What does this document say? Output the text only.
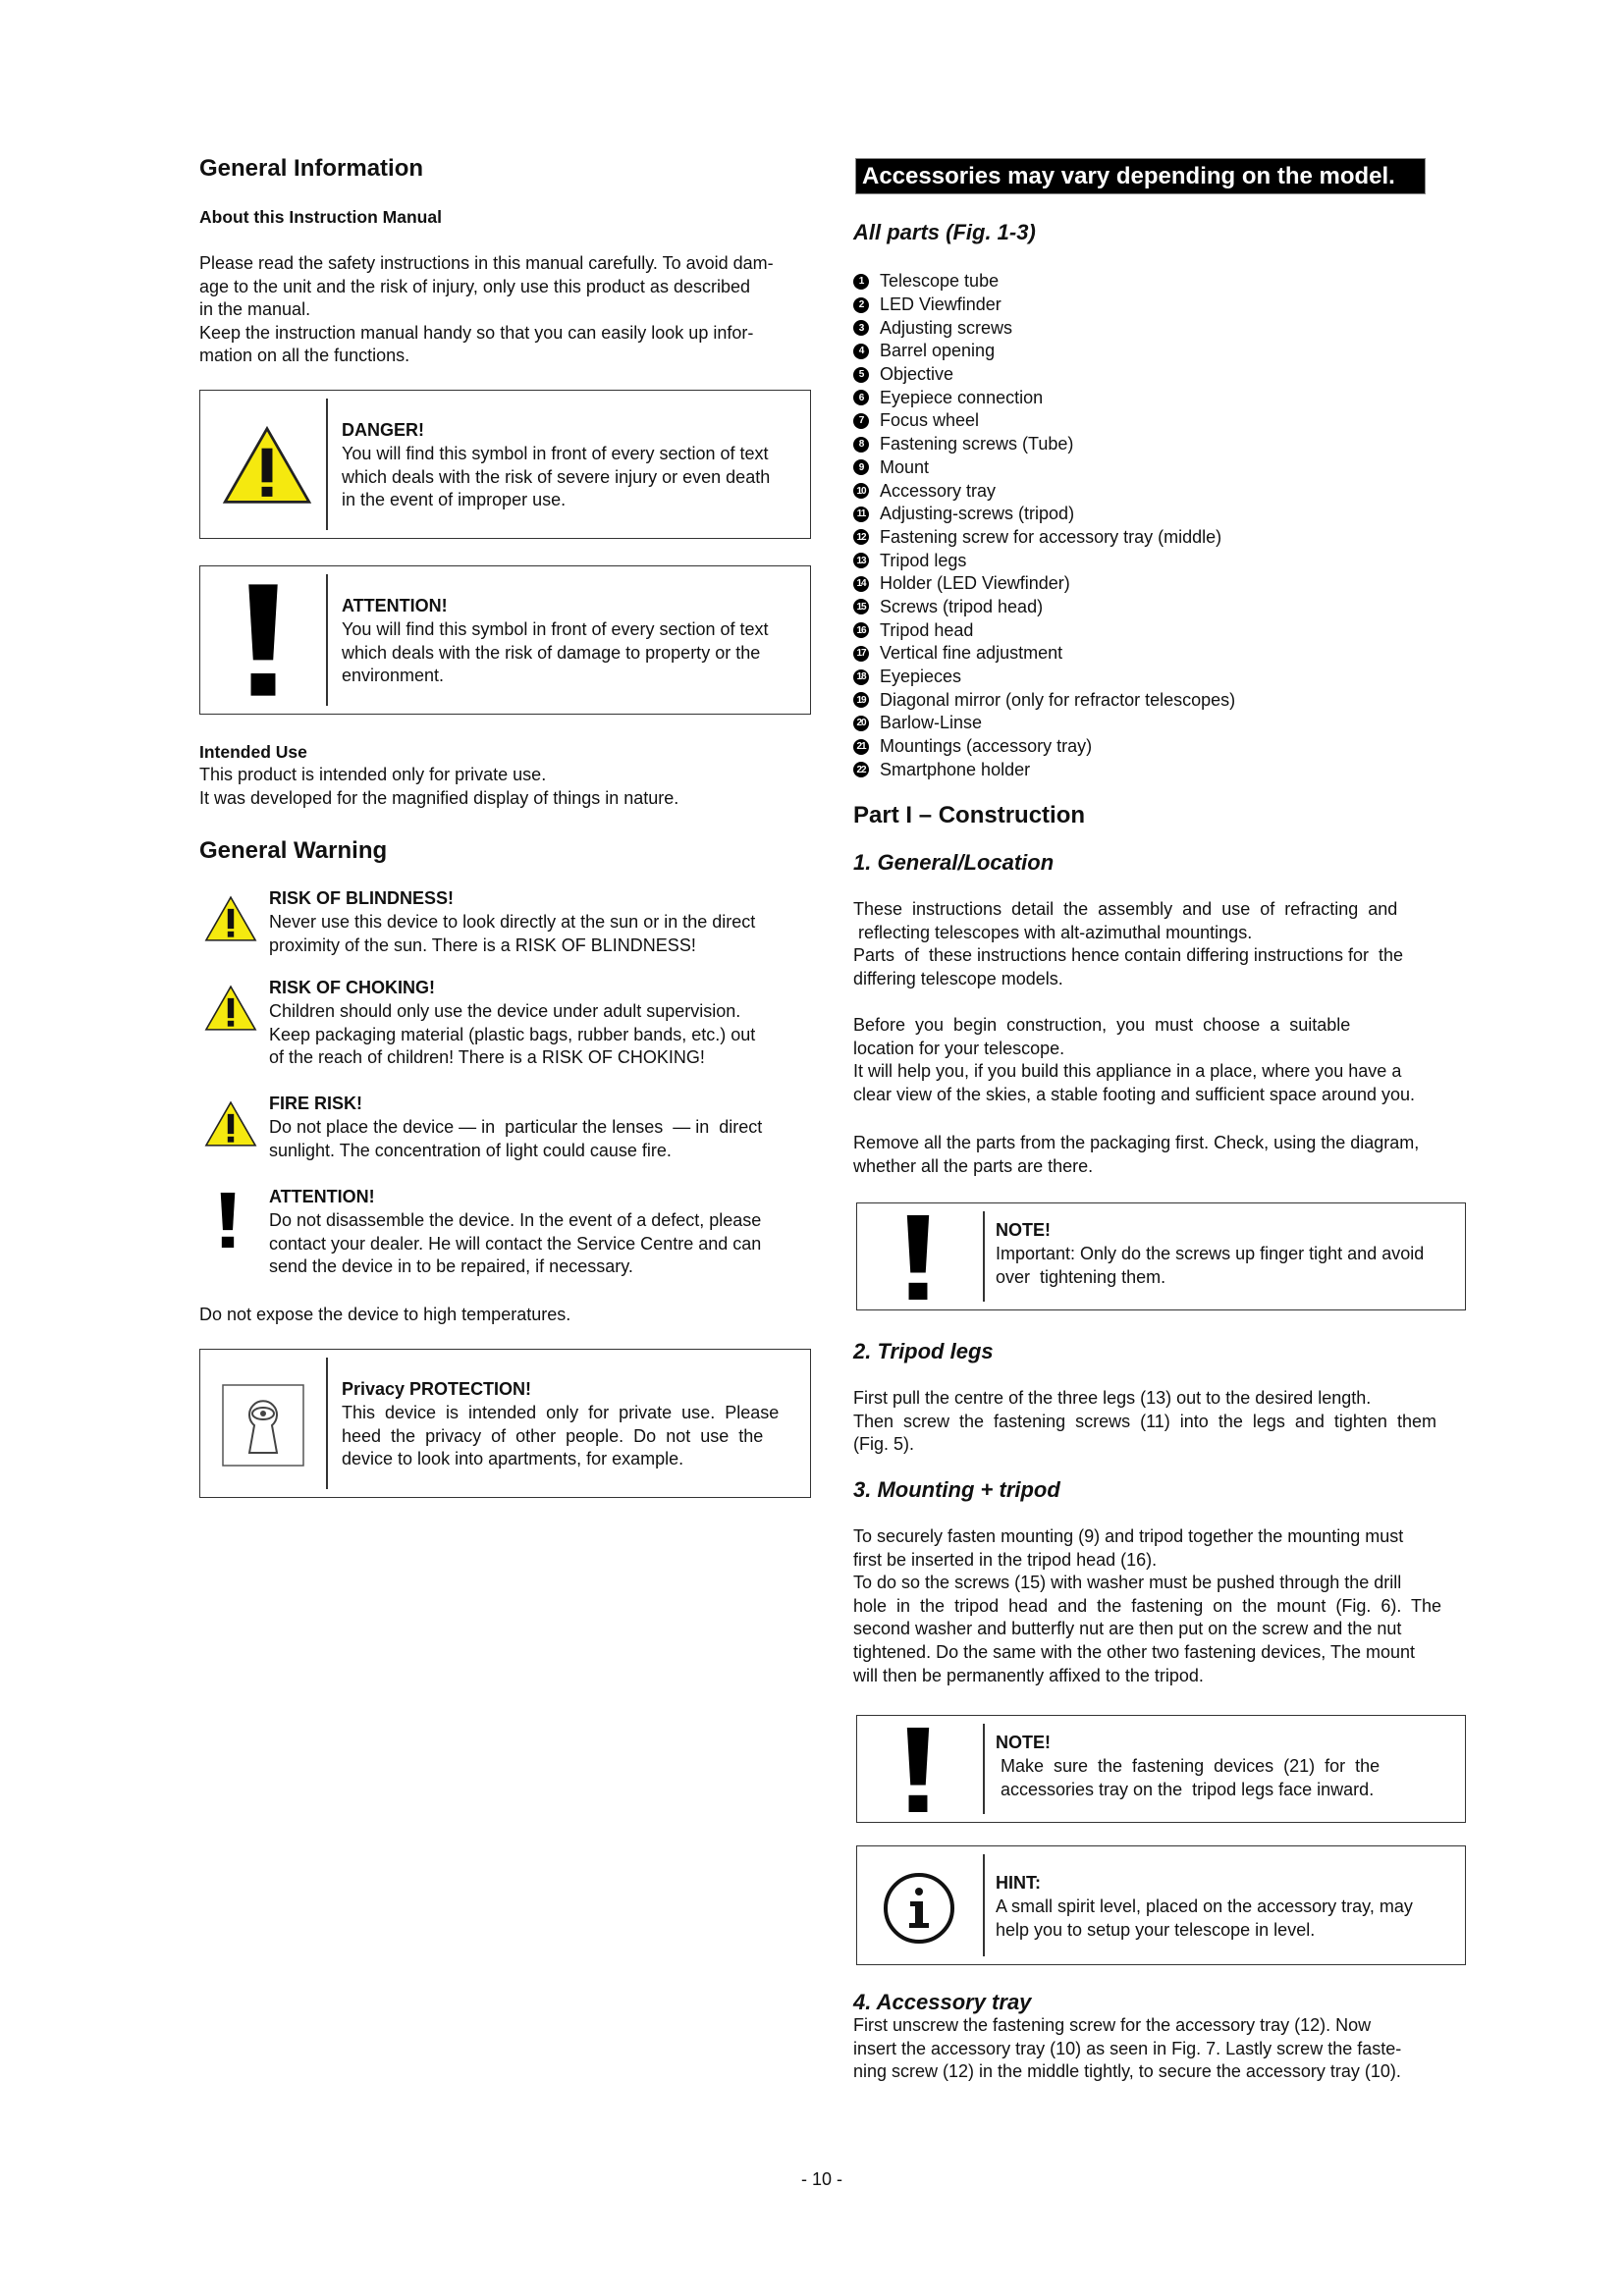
General Information
About this Instruction Manual
Please read the safety instructions in this manual carefully. To avoid dam-
age to the unit and the risk of injury, only use this product as described
in the manual.
Keep the instruction manual handy so that you can easily look up infor-
mation on all the functions.
DANGER!
You will find this symbol in front of every section of text
which deals with the risk of severe injury or even death
in the event of improper use.
ATTENTION!
You will find this symbol in front of every section of text
which deals with the risk of damage to property or the
environment.
Intended Use
This product is intended only for private use.
It was developed for the magnified display of things in nature.
General Warning
RISK OF BLINDNESS!
Never use this device to look directly at the sun or in the direct
proximity of the sun. There is a RISK OF BLINDNESS!
RISK OF CHOKING!
Children should only use the device under adult supervision.
Keep packaging material (plastic bags, rubber bands, etc.) out
of the reach of children! There is a RISK OF CHOKING!
FIRE RISK!
Do not place the device — in  particular the lenses  — in  direct
sunlight. The concentration of light could cause fire.
ATTENTION!
Do not disassemble the device. In the event of a defect, please
contact your dealer. He will contact the Service Centre and can
send the device in to be repaired, if necessary.
Do not expose the device to high temperatures.
Privacy PROTECTION!
This  device  is  intended  only  for  private  use.  Please
heed  the  privacy  of  other  people.  Do  not  use  the
device to look into apartments, for example.
Accessories may vary depending on the model.
All parts (Fig. 1-3)
1 Telescope tube
2 LED Viewfinder
3 Adjusting screws
4 Barrel opening
5 Objective
6 Eyepiece connection
7 Focus wheel
8 Fastening screws (Tube)
9 Mount
10 Accessory tray
11 Adjusting-screws (tripod)
12 Fastening screw for accessory tray (middle)
13 Tripod legs
14 Holder (LED Viewfinder)
15 Screws (tripod head)
16 Tripod head
17 Vertical fine adjustment
18 Eyepieces
19 Diagonal mirror (only for refractor telescopes)
20 Barlow-Linse
21 Mountings (accessory tray)
22 Smartphone holder
Part I – Construction
1. General/Location
These  instructions  detail  the  assembly  and  use  of  refracting  and
reflecting telescopes with alt-azimuthal mountings.
Parts  of  these instructions hence contain differing instructions for  the
differing telescope models.
Before  you  begin  construction,  you  must  choose  a  suitable
location for your telescope.
It will help you, if you build this appliance in a place, where you have a
clear view of the skies, a stable footing and sufficient space around you.
Remove all the parts from the packaging first. Check, using the diagram,
whether all the parts are there.
NOTE!
Important: Only do the screws up finger tight and avoid
over  tightening them.
2. Tripod legs
First pull the centre of the three legs (13) out to the desired length.
Then  screw  the  fastening  screws  (11)  into  the  legs  and  tighten  them
(Fig. 5).
3. Mounting + tripod
To securely fasten mounting (9) and tripod together the mounting must
first be inserted in the tripod head (16).
To do so the screws (15) with washer must be pushed through the drill
hole  in  the  tripod  head  and  the  fastening  on  the  mount  (Fig.  6).  The
second washer and butterfly nut are then put on the screw and the nut
tightened. Do the same with the other two fastening devices, The mount
will then be permanently affixed to the tripod.
NOTE!
Make  sure  the  fastening  devices  (21)  for  the
accessories tray on the  tripod legs face inward.
HINT:
A small spirit level, placed on the accessory tray, may
help you to setup your telescope in level.
4. Accessory tray
First unscrew the fastening screw for the accessory tray (12). Now
insert the accessory tray (10) as seen in Fig. 7. Lastly screw the faste-
ning screw (12) in the middle tightly, to secure the accessory tray (10).
- 10 -
